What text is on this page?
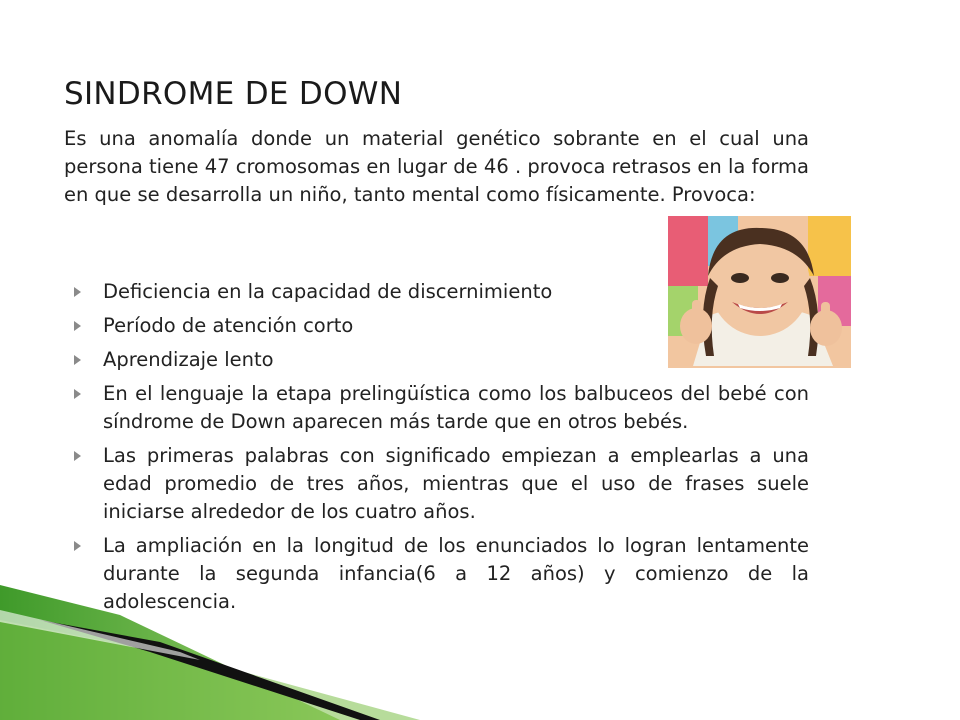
SINDROME DE DOWN

Es una anomalía donde un material genético sobrante en el cual una persona tiene 47 cromosomas en lugar de 46 . provoca retrasos en la forma en que se desarrolla un niño, tanto mental como físicamente. Provoca:

Deficiencia en la capacidad de discernimiento
Período de atención corto
Aprendizaje lento
En el lenguaje la etapa prelingüística como los balbuceos del bebé con síndrome de Down aparecen más tarde que en otros bebés.
Las primeras palabras con significado empiezan a emplearlas a una edad promedio de tres años, mientras que el uso de frases suele iniciarse alrededor de los cuatro años.
La ampliación en la longitud de los enunciados lo logran lentamente durante la segunda infancia(6 a 12 años) y comienzo de la adolescencia.
